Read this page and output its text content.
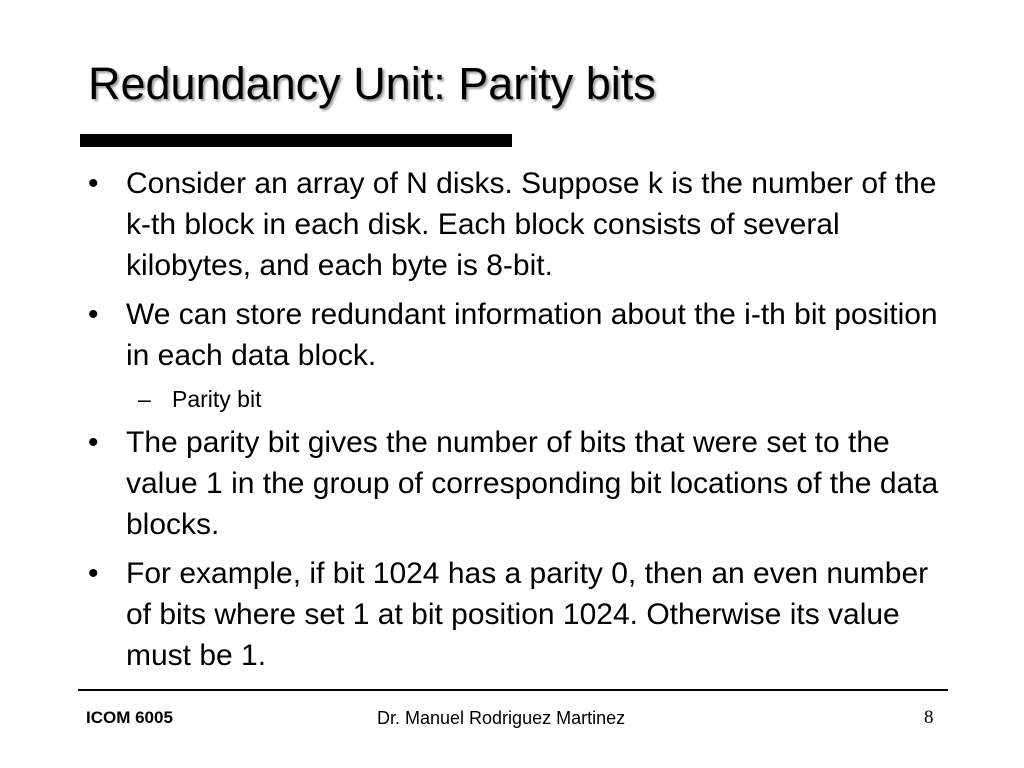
Redundancy Unit: Parity bits
• Consider an array of N disks. Suppose k is the number of the k-th block in each disk. Each block consists of several kilobytes, and each byte is 8-bit.
• We can store redundant information about the i-th bit position in each data block.
– Parity bit
• The parity bit gives the number of bits that were set to the value 1 in the group of corresponding bit locations of the data blocks.
• For example, if bit 1024 has a parity 0, then an even number of bits where set 1 at bit position 1024. Otherwise its value must be 1.
ICOM 6005	Dr. Manuel Rodriguez Martinez	8
